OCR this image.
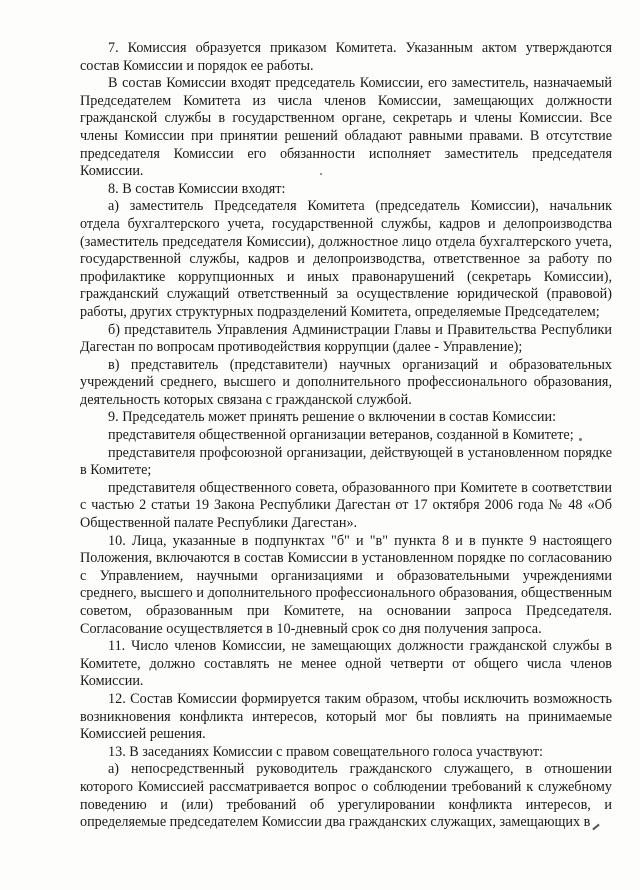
7. Комиссия образуется приказом Комитета. Указанным актом утверждаются состав Комиссии и порядок ее работы.

В состав Комиссии входят председатель Комиссии, его заместитель, назначаемый Председателем Комитета из числа членов Комиссии, замещающих должности гражданской службы в государственном органе, секретарь и члены Комиссии. Все члены Комиссии при принятии решений обладают равными правами. В отсутствие председателя Комиссии его обязанности исполняет заместитель председателя Комиссии.

8. В состав Комиссии входят:

а) заместитель Председателя Комитета (председатель Комиссии), начальник отдела бухгалтерского учета, государственной службы, кадров и делопроизводства (заместитель председателя Комиссии), должностное лицо отдела бухгалтерского учета, государственной службы, кадров и делопроизводства, ответственное за работу по профилактике коррупционных и иных правонарушений (секретарь Комиссии), гражданский служащий ответственный за осуществление юридической (правовой) работы, других структурных подразделений Комитета, определяемые Председателем;

б) представитель Управления Администрации Главы и Правительства Республики Дагестан по вопросам противодействия коррупции (далее - Управление);

в) представитель (представители) научных организаций и образовательных учреждений среднего, высшего и дополнительного профессионального образования, деятельность которых связана с гражданской службой.

9. Председатель может принять решение о включении в состав Комиссии:

представителя общественной организации ветеранов, созданной в Комитете;

представителя профсоюзной организации, действующей в установленном порядке в Комитете;

представителя общественного совета, образованного при Комитете в соответствии с частью 2 статьи 19 Закона Республики Дагестан от 17 октября 2006 года № 48 «Об Общественной палате Республики Дагестан».

10. Лица, указанные в подпунктах "б" и "в" пункта 8 и в пункте 9 настоящего Положения, включаются в состав Комиссии в установленном порядке по согласованию с Управлением, научными организациями и образовательными учреждениями среднего, высшего и дополнительного профессионального образования, общественным советом, образованным при Комитете, на основании запроса Председателя. Согласование осуществляется в 10-дневный срок со дня получения запроса.

11. Число членов Комиссии, не замещающих должности гражданской службы в Комитете, должно составлять не менее одной четверти от общего числа членов Комиссии.

12. Состав Комиссии формируется таким образом, чтобы исключить возможность возникновения конфликта интересов, который мог бы повлиять на принимаемые Комиссией решения.

13. В заседаниях Комиссии с правом совещательного голоса участвуют:

а) непосредственный руководитель гражданского служащего, в отношении которого Комиссией рассматривается вопрос о соблюдении требований к служебному поведению и (или) требований об урегулировании конфликта интересов, и определяемые председателем Комиссии два гражданских служащих, замещающих в
